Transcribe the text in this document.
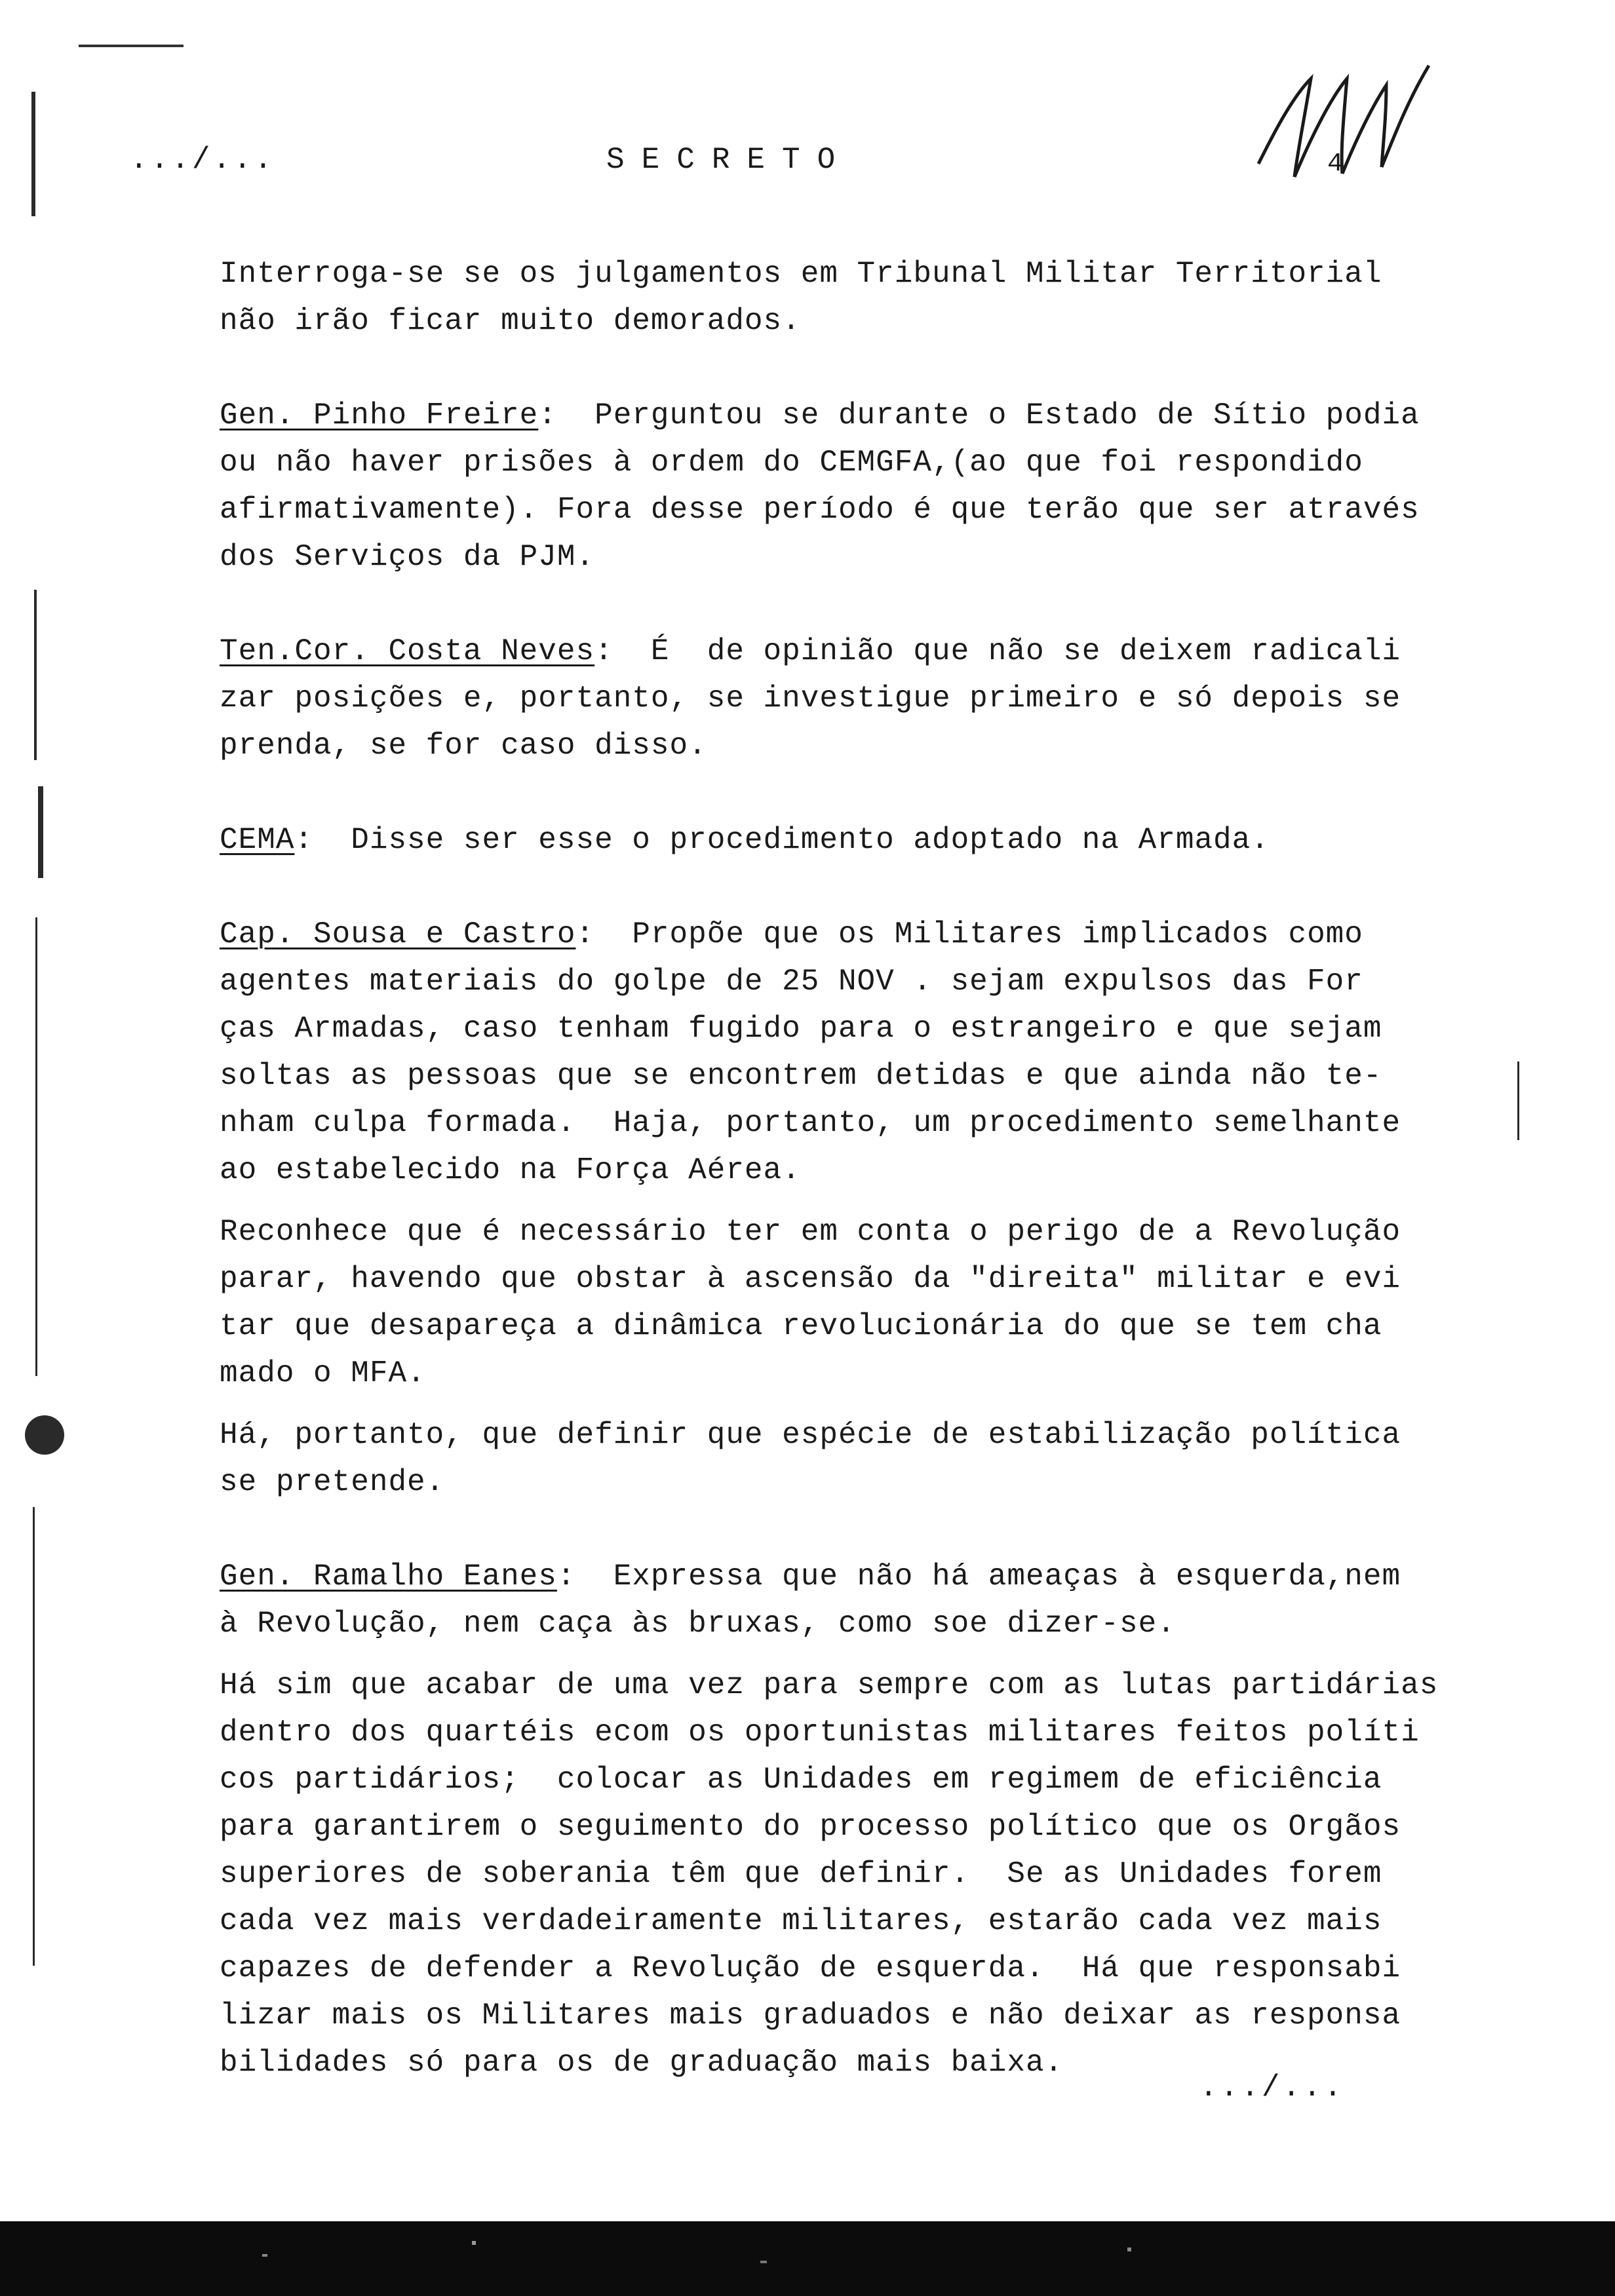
.../...	SECRETO	4

Interroga-se se os julgamentos em Tribunal Militar Territorial
não irão ficar muito demorados.

Gen. Pinho Freire:  Perguntou se durante o Estado de Sítio podia
ou não haver prisões à ordem do CEMGFA,(ao que foi respondido
afirmativamente). Fora desse período é que terão que ser através
dos Serviços da PJM.

Ten.Cor. Costa Neves:  É  de opinião que não se deixem radicali
zar posições e, portanto, se investigue primeiro e só depois se
prenda, se for caso disso.

CEMA:  Disse ser esse o procedimento adoptado na Armada.

Cap. Sousa e Castro:  Propõe que os Militares implicados como
agentes materiais do golpe de 25 NOV . sejam expulsos das For
ças Armadas, caso tenham fugido para o estrangeiro e que sejam
soltas as pessoas que se encontrem detidas e que ainda não te-
nham culpa formada.  Haja, portanto, um procedimento semelhante
ao estabelecido na Força Aérea.

Reconhece que é necessário ter em conta o perigo de a Revolução
parar, havendo que obstar à ascensão da "direita" militar e evi
tar que desapareça a dinâmica revolucionária do que se tem cha
mado o MFA.

Há, portanto, que definir que espécie de estabilização política
se pretende.

Gen. Ramalho Eanes:  Expressa que não há ameaças à esquerda,nem
à Revolução, nem caça às bruxas, como soe dizer-se.

Há sim que acabar de uma vez para sempre com as lutas partidárias
dentro dos quartéis ecom os oportunistas militares feitos políti
cos partidários;  colocar as Unidades em regimem de eficiência
para garantirem o seguimento do processo político que os Orgãos
superiores de soberania têm que definir.  Se as Unidades forem
cada vez mais verdadeiramente militares, estarão cada vez mais
capazes de defender a Revolução de esquerda.  Há que responsabi
lizar mais os Militares mais graduados e não deixar as responsa
bilidades só para os de graduação mais baixa.

.../...
